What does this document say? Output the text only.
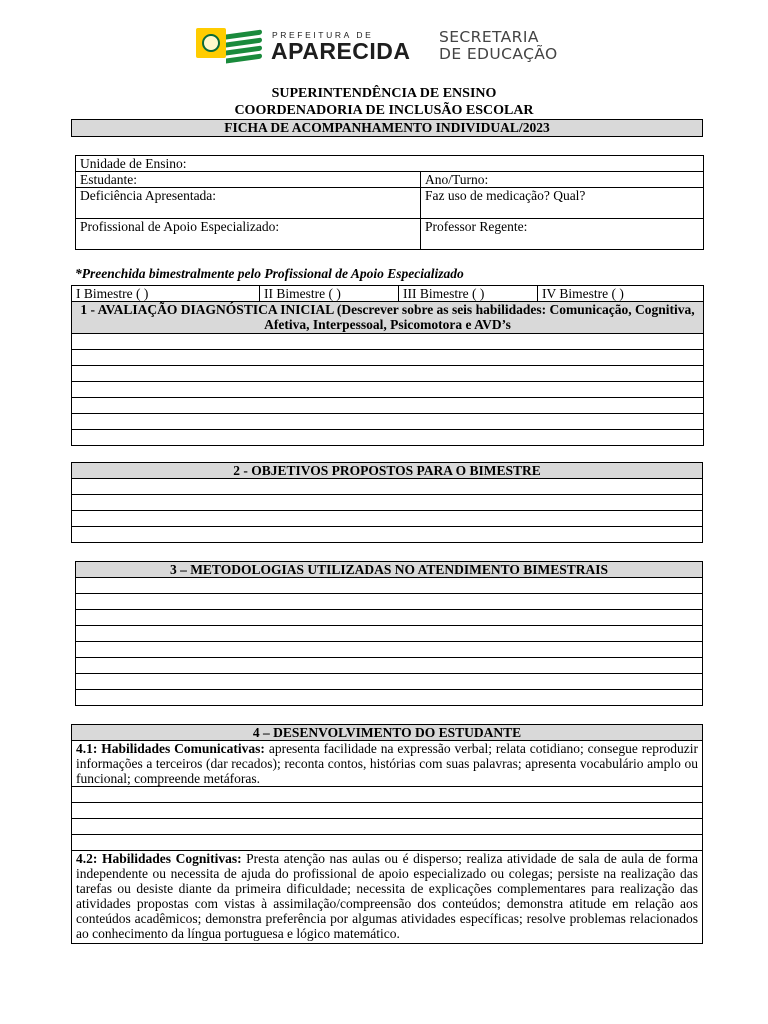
PREFEITURA DE
APARECIDA
SECRETARIA
DE EDUCAÇÃO
SUPERINTENDÊNCIA DE ENSINO
COORDENADORIA DE INCLUSÃO ESCOLAR
FICHA DE ACOMPANHAMENTO INDIVIDUAL/2023
Unidade de Ensino:	
Estudante:	Ano/Turno:
Deficiência Apresentada:	Faz uso de medicação? Qual?
Profissional de Apoio Especializado:	Professor Regente:
*Preenchida bimestralmente pelo Profissional de Apoio Especializado
I Bimestre ( )	II Bimestre ( )	III Bimestre ( )	IV Bimestre ( )
1 - AVALIAÇÃO DIAGNÓSTICA INICIAL (Descrever sobre as seis habilidades: Comunicação, Cognitiva, Afetiva, Interpessoal, Psicomotora e AVD’s

2 - OBJETIVOS PROPOSTOS PARA O BIMESTRE

3 – METODOLOGIAS UTILIZADAS NO ATENDIMENTO BIMESTRAIS

4 – DESENVOLVIMENTO DO ESTUDANTE
4.1: Habilidades Comunicativas: apresenta facilidade na expressão verbal; relata cotidiano; consegue reproduzir informações a terceiros (dar recados); reconta contos, histórias com suas palavras; apresenta vocabulário amplo ou funcional; compreende metáforas.

4.2: Habilidades Cognitivas: Presta atenção nas aulas ou é disperso; realiza atividade de sala de aula de forma independente ou necessita de ajuda do profissional de apoio especializado ou colegas; persiste na realização das tarefas ou desiste diante da primeira dificuldade; necessita de explicações complementares para realização das atividades propostas com vistas à assimilação/compreensão dos conteúdos; demonstra atitude em relação aos conteúdos acadêmicos; demonstra preferência por algumas atividades específicas; resolve problemas relacionados ao conhecimento da língua portuguesa e lógico matemático.
